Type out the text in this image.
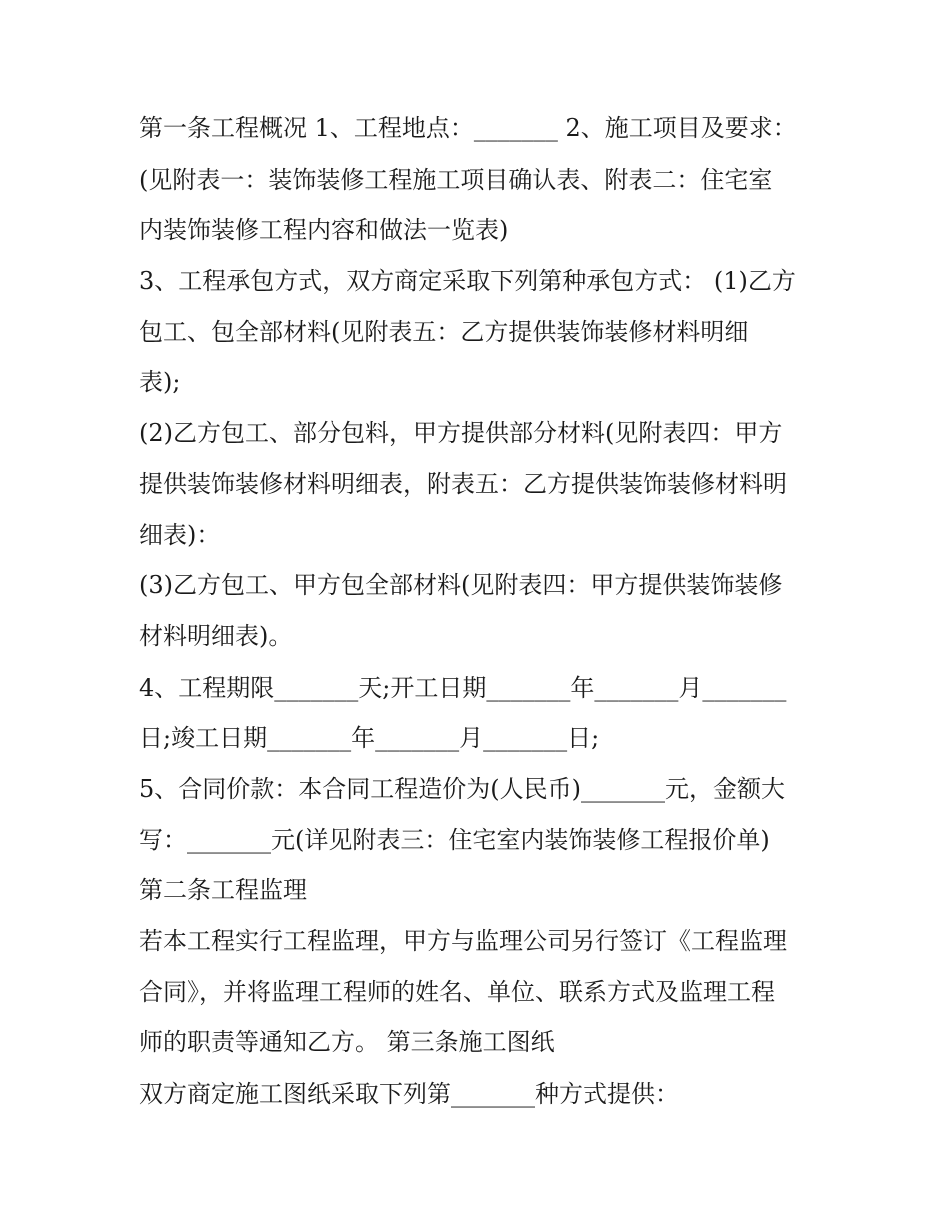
第一条工程概况 1、工程地点：_______ 2、施工项目及要求：
(见附表一：装饰装修工程施工项目确认表、附表二：住宅室
内装饰装修工程内容和做法一览表)
3、工程承包方式，双方商定采取下列第种承包方式： (1)乙方
包工、包全部材料(见附表五：乙方提供装饰装修材料明细
表);
(2)乙方包工、部分包料，甲方提供部分材料(见附表四：甲方
提供装饰装修材料明细表，附表五：乙方提供装饰装修材料明
细表)：
(3)乙方包工、甲方包全部材料(见附表四：甲方提供装饰装修
材料明细表)。
4、工程期限_______天;开工日期_______年_______月_______
日;竣工日期_______年_______月_______日;
5、合同价款：本合同工程造价为(人民币)_______元，金额大
写：_______元(详见附表三：住宅室内装饰装修工程报价单)
第二条工程监理
若本工程实行工程监理，甲方与监理公司另行签订《工程监理
合同》，并将监理工程师的姓名、单位、联系方式及监理工程
师的职责等通知乙方。 第三条施工图纸
双方商定施工图纸采取下列第_______种方式提供：
